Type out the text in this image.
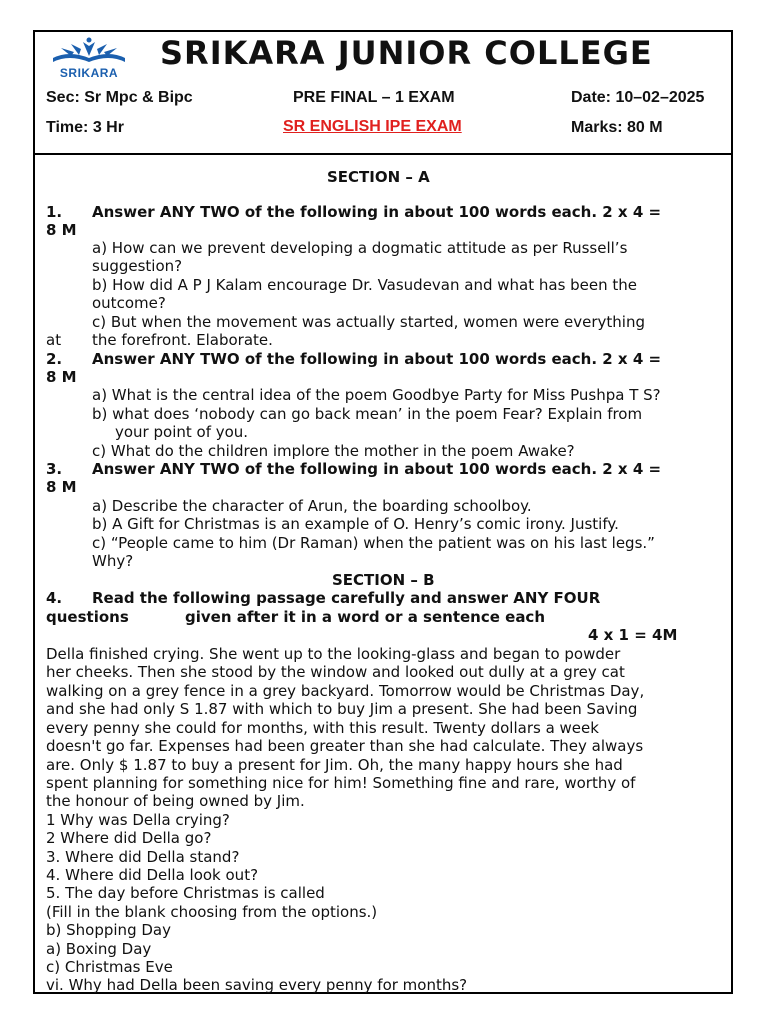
SRIKARA
SRIKARA JUNIOR COLLEGE
Sec: Sr Mpc & Bipc	PRE FINAL – 1 EXAM	Date: 10–02–2025
Time: 3 Hr	SR ENGLISH IPE EXAM	Marks: 80 M
SECTION – A
1. Answer ANY TWO of the following in about 100 words each. 2 x 4 =
8 M
a) How can we prevent developing a dogmatic attitude as per Russell’s
suggestion?
b) How did A P J Kalam encourage Dr. Vasudevan and what has been the
outcome?
c) But when the movement was actually started, women were everything
at the forefront. Elaborate.
2. Answer ANY TWO of the following in about 100 words each. 2 x 4 =
8 M
a) What is the central idea of the poem Goodbye Party for Miss Pushpa T S?
b) what does ‘nobody can go back mean’ in the poem Fear? Explain from
your point of you.
c) What do the children implore the mother in the poem Awake?
3. Answer ANY TWO of the following in about 100 words each. 2 x 4 =
8 M
a) Describe the character of Arun, the boarding schoolboy.
b) A Gift for Christmas is an example of O. Henry’s comic irony. Justify.
c) “People came to him (Dr Raman) when the patient was on his last legs.”
Why?
SECTION – B
4. Read the following passage carefully and answer ANY FOUR
questions	given after it in a word or a sentence each
4 x 1 = 4M
Della finished crying. She went up to the looking-glass and began to powder
her cheeks. Then she stood by the window and looked out dully at a grey cat
walking on a grey fence in a grey backyard. Tomorrow would be Christmas Day,
and she had only S 1.87 with which to buy Jim a present. She had been Saving
every penny she could for months, with this result. Twenty dollars a week
doesn't go far. Expenses had been greater than she had calculate. They always
are. Only $ 1.87 to buy a present for Jim. Oh, the many happy hours she had
spent planning for something nice for him! Something fine and rare, worthy of
the honour of being owned by Jim.
1 Why was Della crying?
2 Where did Della go?
3. Where did Della stand?
4. Where did Della look out?
5. The day before Christmas is called
(Fill in the blank choosing from the options.)
b) Shopping Day
a) Boxing Day
c) Christmas Eve
vi. Why had Della been saving every penny for months?
